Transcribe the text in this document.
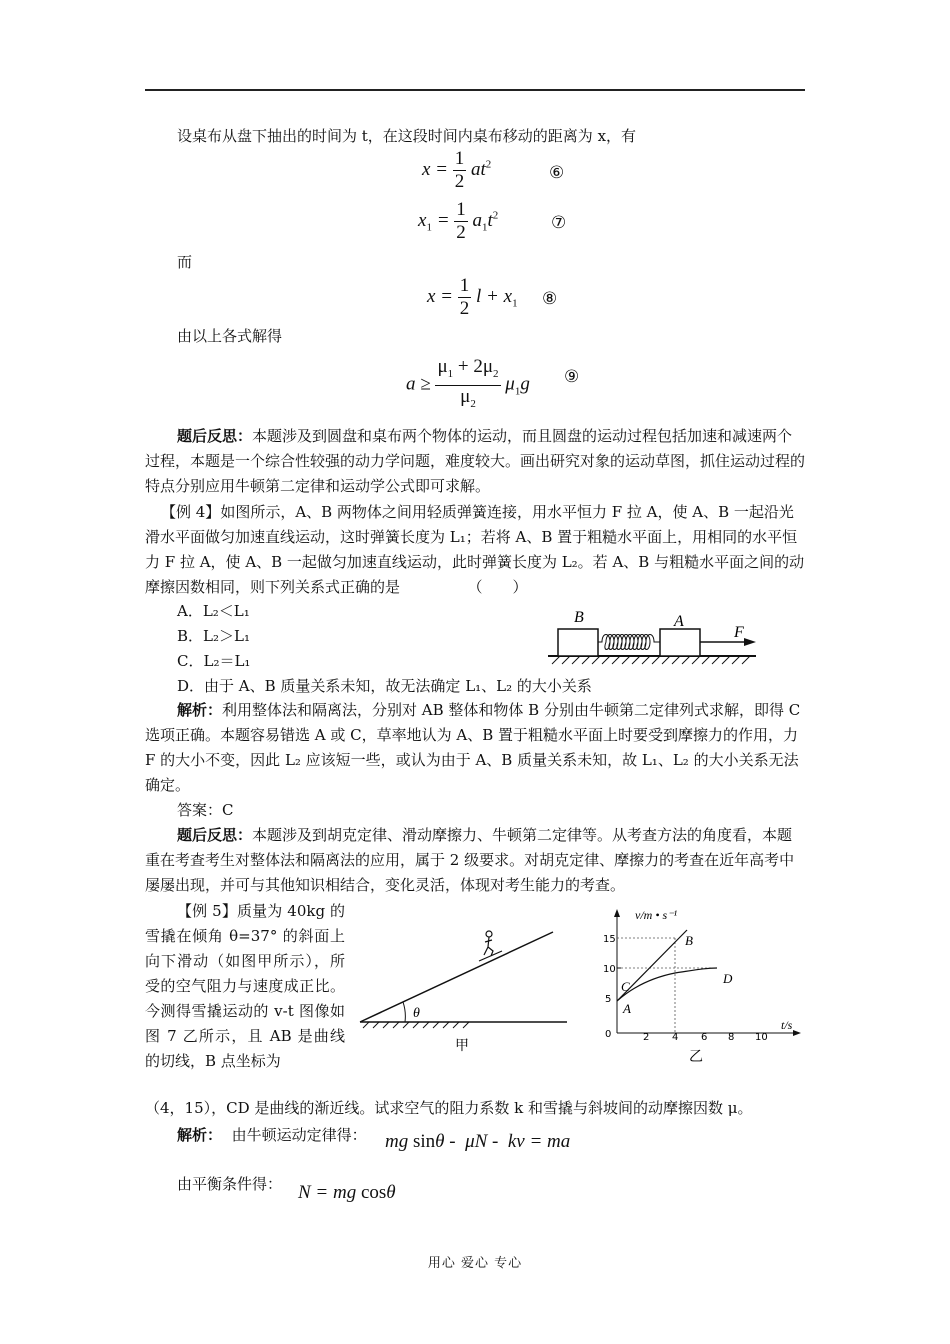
设桌布从盘下抽出的时间为 t，在这段时间内桌布移动的距离为 x，有
$x = \frac{1}{2} at^2$	⑥
$x_1 = \frac{1}{2} a_1t^2$	⑦
而
$x = \frac{1}{2}$ $l + x_1$ ⑧
由以上各式解得
$a \ge \frac{\mu_1 + 2\mu_2}{\mu_2} \mu_1g$ ⑨

题后反思：本题涉及到圆盘和桌布两个物体的运动，而且圆盘的运动过程包括加速和减速两个过程，本题是一个综合性较强的动力学问题，难度较大。画出研究对象的运动草图，抓住运动过程的特点分别应用牛顿第二定律和运动学公式即可求解。

【例 4】如图所示，A、B 两物体之间用轻质弹簧连接，用水平恒力 F 拉 A，使 A、B 一起沿光滑水平面做匀加速直线运动，这时弹簧长度为 L₁；若将 A、B 置于粗糙水平面上，用相同的水平恒力 F 拉 A，使 A、B 一起做匀加速直线运动，此时弹簧长度为 L₂。若 A、B 与粗糙水平面之间的动摩擦因数相同，则下列关系式正确的是　　　　　（　　）

A．L₂＜L₁
B．L₂＞L₁
C．L₂＝L₁
D．由于 A、B 质量关系未知，故无法确定 L₁、L₂ 的大小关系
B	A
F

解析：利用整体法和隔离法，分别对 AB 整体和物体 B 分别由牛顿第二定律列式求解，即得 C 选项正确。本题容易错选 A 或 C，草率地认为 A、B 置于粗糙水平面上时要受到摩擦力的作用，力 F 的大小不变，因此 L₂ 应该短一些，或认为由于 A、B 质量关系未知，故 L₁、L₂ 的大小关系无法确定。

答案：C

题后反思：本题涉及到胡克定律、滑动摩擦力、牛顿第二定律等。从考查方法的角度看，本题重在考查考生对整体法和隔离法的应用，属于 2 级要求。对胡克定律、摩擦力的考查在近年高考中屡屡出现，并可与其他知识相结合，变化灵活，体现对考生能力的考查。

【例 5】质量为 40kg 的雪撬在倾角 θ=37° 的斜面上向下滑动（如图甲所示），所受的空气阻力与速度成正比。今测得雪撬运动的 v-t 图像如图 7 乙所示，且 AB 是曲线的切线，B 点坐标为
θ
甲
15
10
5
0	2 4 6 8 10
v/m • s⁻¹
t/s
B
D
C
A
乙
（4，15），CD 是曲线的渐近线。试求空气的阻力系数 k 和雪撬与斜坡间的动摩擦因数 μ。
解析： 由牛顿运动定律得： mg sinθ -  μN -  kv = ma
由平衡条件得： N = mg cosθ
用心 爱心 专心
